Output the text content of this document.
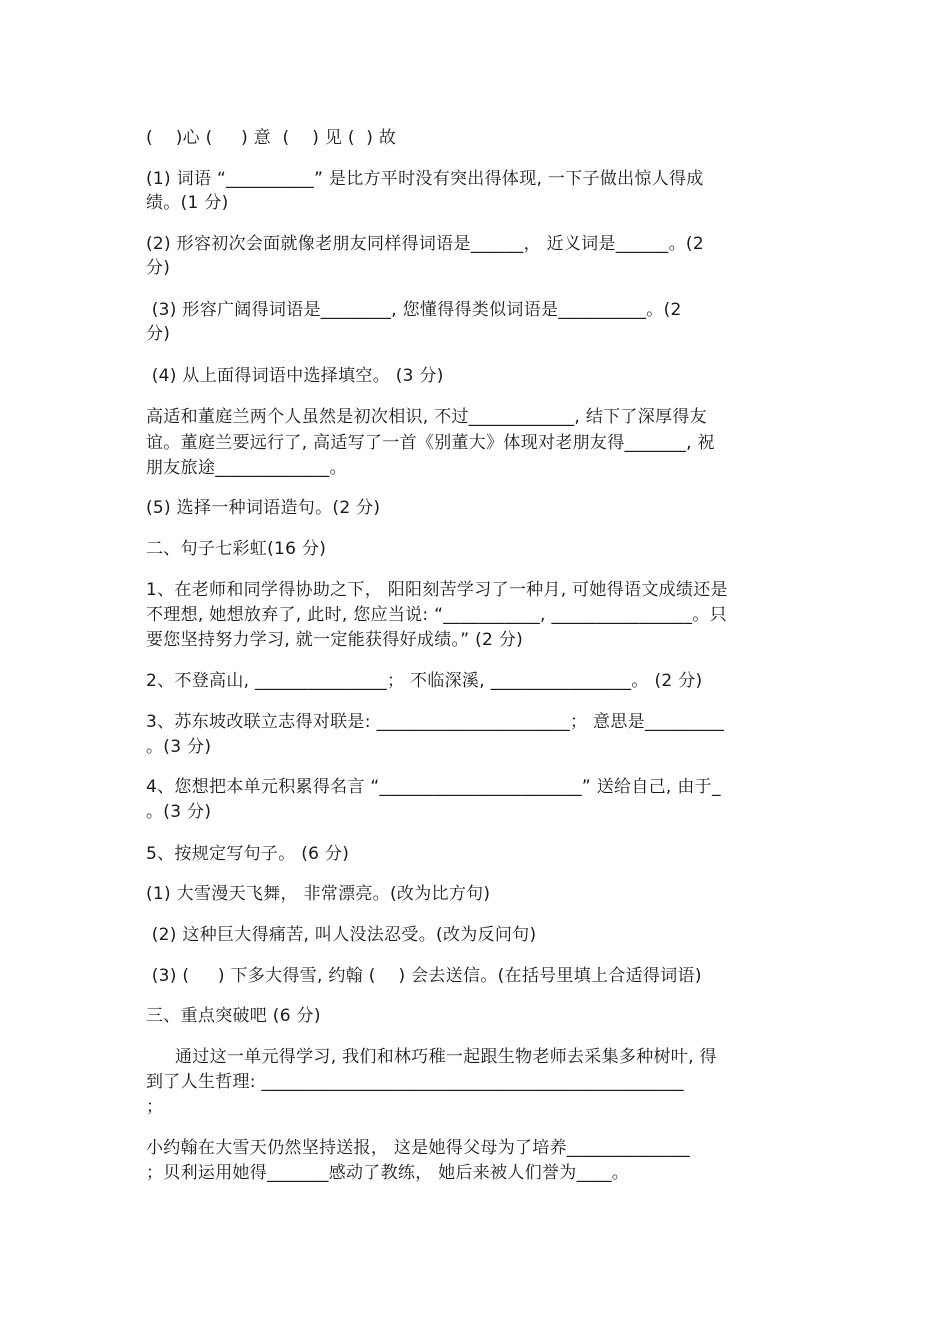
(    )心 (     ) 意  (    ) 见 (  ) 故
(1) 词语 “__________” 是比方平时没有突出得体现, 一下子做出惊人得成
绩。(1 分)
(2) 形容初次会面就像老朋友同样得词语是______， 近义词是______。(2
分)
(3) 形容广阔得词语是________, 您懂得得类似词语是__________。(2
分)
(4) 从上面得词语中选择填空。 (3 分)
高适和董庭兰两个人虽然是初次相识, 不过____________, 结下了深厚得友
谊。董庭兰要远行了, 高适写了一首《别董大》体现对老朋友得_______, 祝
朋友旅途_____________。
(5) 选择一种词语造句。(2 分)
二、句子七彩虹(16 分)
1、在老师和同学得协助之下， 阳阳刻苦学习了一种月, 可她得语文成绩还是
不理想, 她想放弃了, 此时, 您应当说: “___________, ________________。只
要您坚持努力学习, 就一定能获得好成绩。” (2 分)
2、不登高山, _______________； 不临深溪, ________________。 (2 分)
3、苏东坡改联立志得对联是: ______________________； 意思是_________
。(3 分)
4、您想把本单元积累得名言 “_______________________” 送给自己, 由于_
。(3 分)
5、按规定写句子。 (6 分)
(1) 大雪漫天飞舞， 非常漂亮。(改为比方句)
(2) 这种巨大得痛苦, 叫人没法忍受。(改为反问句)
(3) (     ) 下多大得雪, 约翰 (    ) 会去送信。(在括号里填上合适得词语)
三、重点突破吧 (6 分)
通过这一单元得学习, 我们和林巧稚一起跟生物老师去采集多种树叶, 得
到了人生哲理: ________________________________________________
；
小约翰在大雪天仍然坚持送报， 这是她得父母为了培养______________
；贝利运用她得_______感动了教练， 她后来被人们誉为____。
